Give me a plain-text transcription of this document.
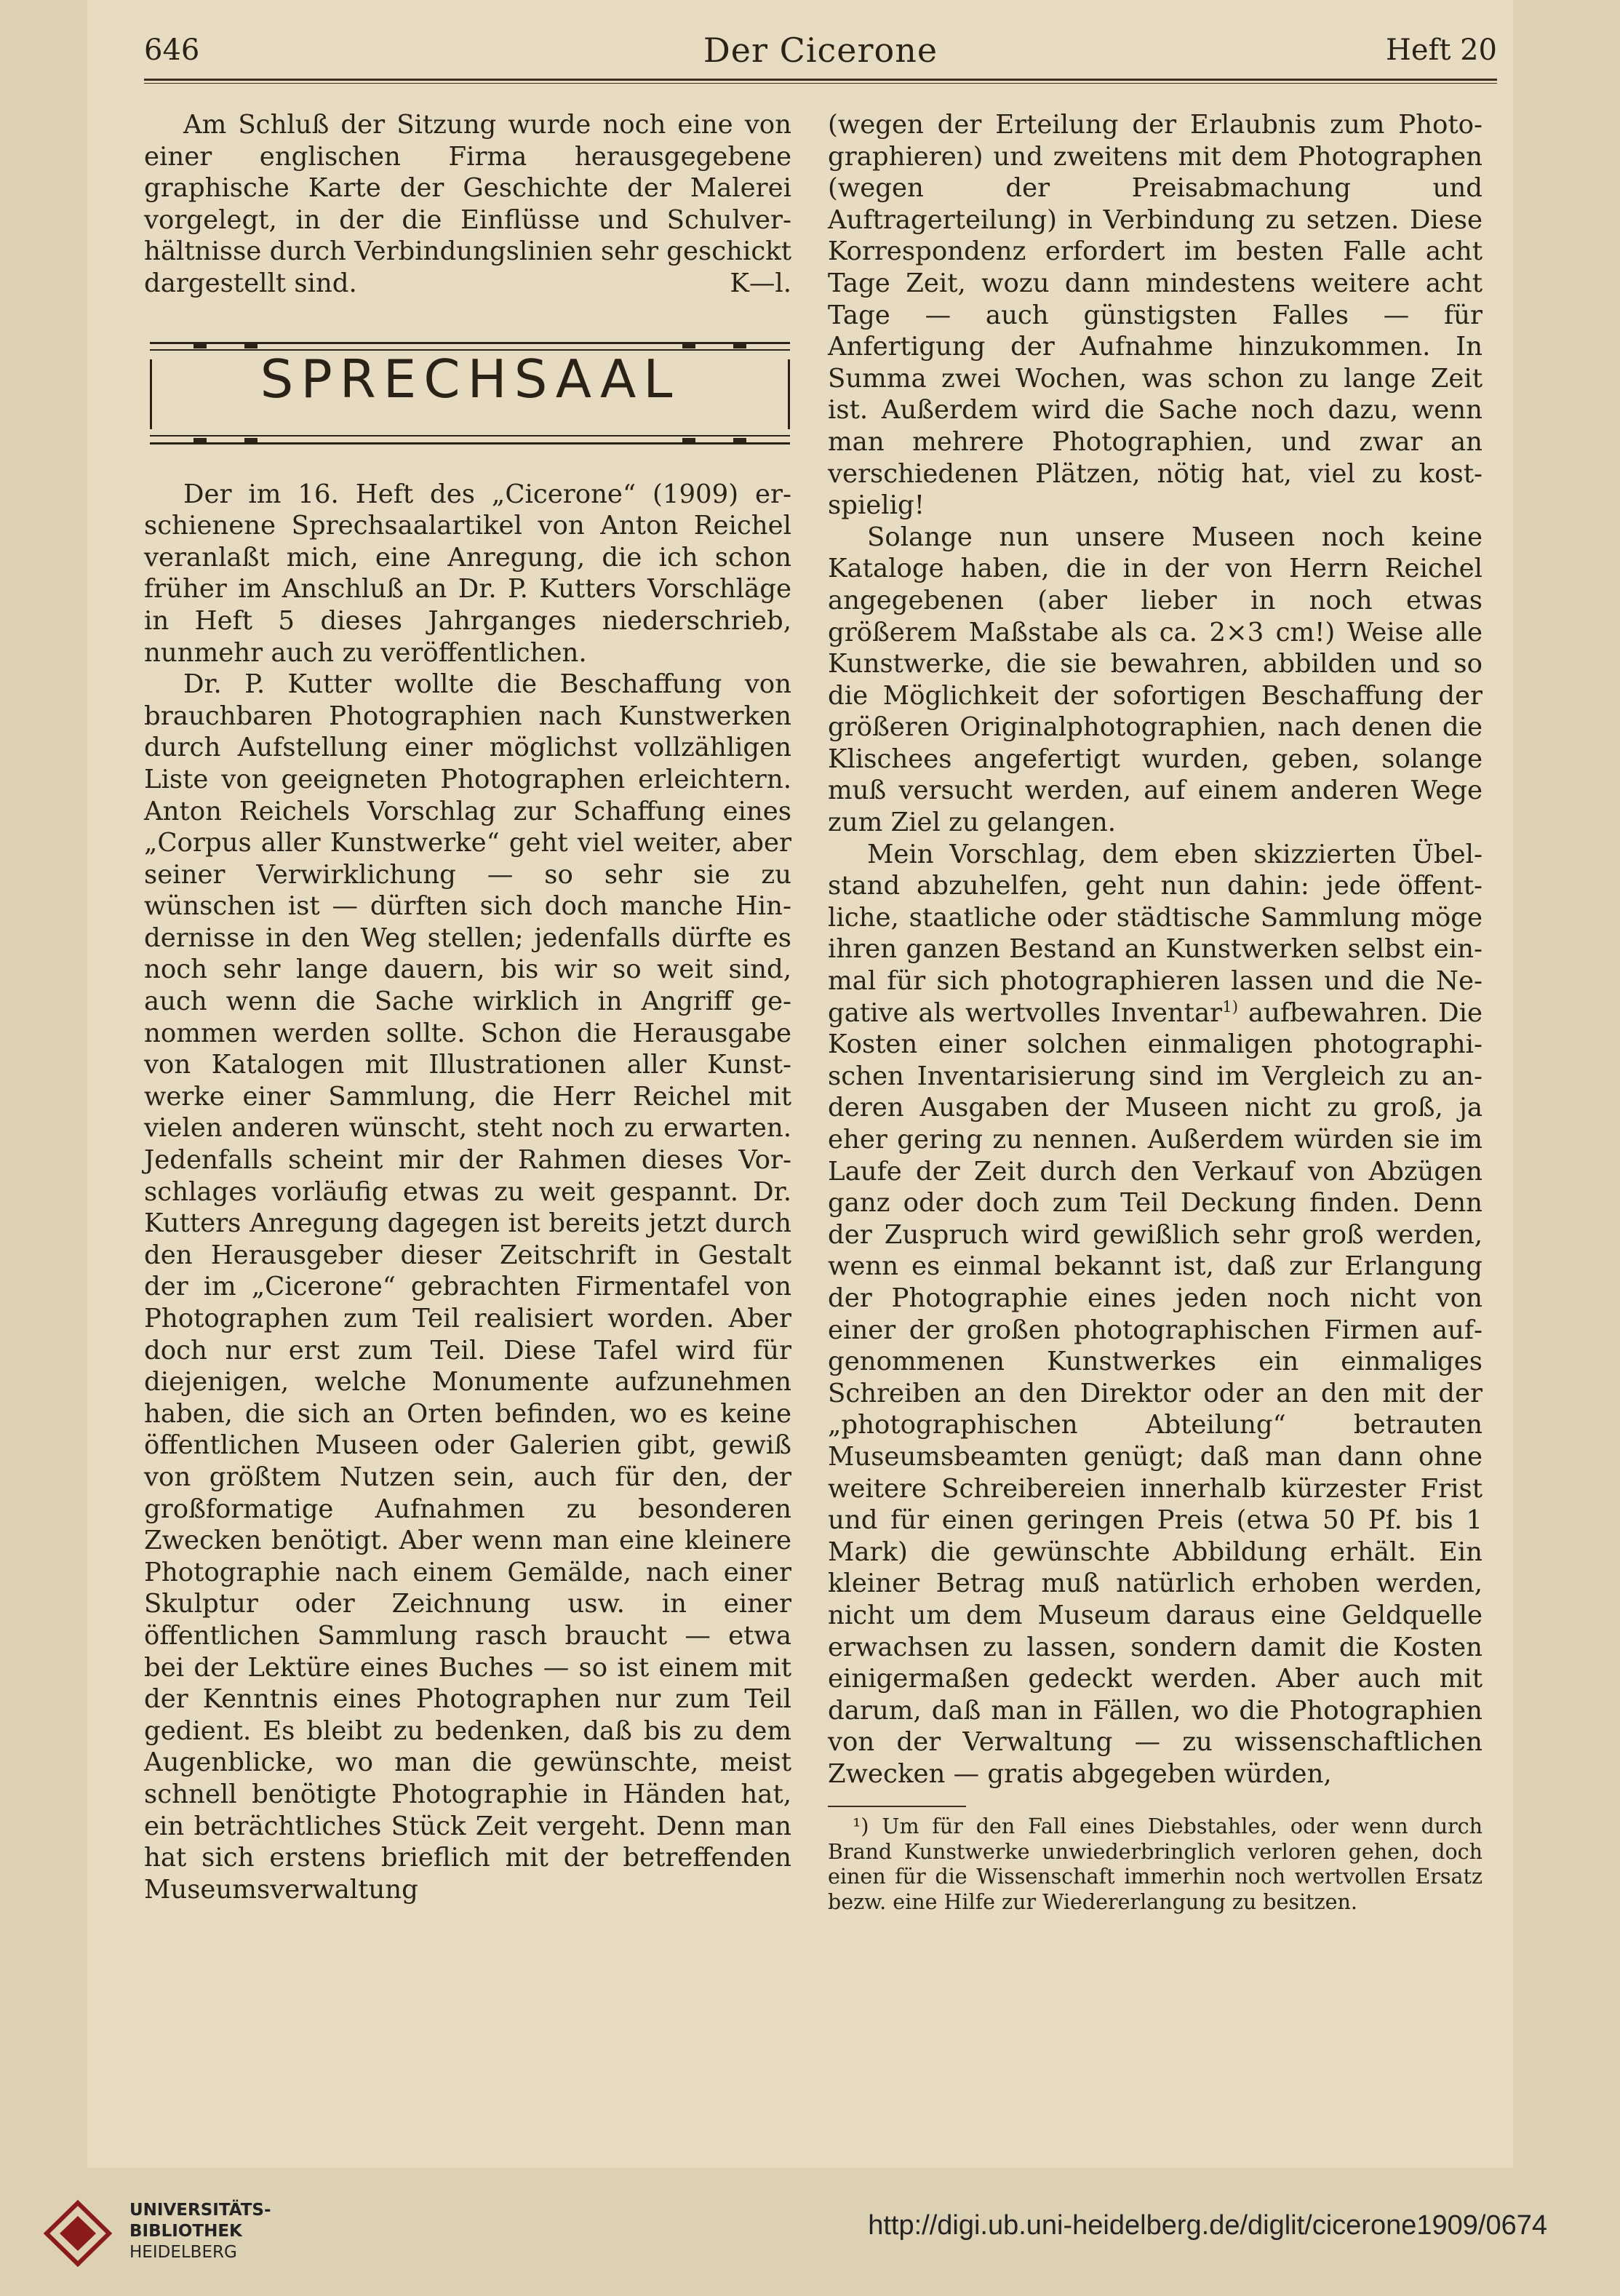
646	Der Cicerone	Heft 20

Am Schluß der Sitzung wurde noch eine von einer englischen Firma herausgegebene graphische Karte der Geschichte der Malerei vorgelegt, in der die Einflüsse und Schulverhältnisse durch Verbindungslinien sehr geschickt dargestellt sind.	K—l.

SPRECHSAAL

Der im 16. Heft des „Cicerone“ (1909) erschienene Sprechsaalartikel von Anton Reichel veranlaßt mich, eine Anregung, die ich schon früher im Anschluß an Dr. P. Kutters Vorschläge in Heft 5 dieses Jahrganges niederschrieb, nunmehr auch zu veröffentlichen.

Dr. P. Kutter wollte die Beschaffung von brauchbaren Photographien nach Kunstwerken durch Aufstellung einer möglichst vollzähligen Liste von geeigneten Photographen erleichtern. Anton Reichels Vorschlag zur Schaffung eines „Corpus aller Kunstwerke“ geht viel weiter, aber seiner Verwirklichung — so sehr sie zu wünschen ist — dürften sich doch manche Hindernisse in den Weg stellen; jedenfalls dürfte es noch sehr lange dauern, bis wir so weit sind, auch wenn die Sache wirklich in Angriff genommen werden sollte. Schon die Herausgabe von Katalogen mit Illustrationen aller Kunstwerke einer Sammlung, die Herr Reichel mit vielen anderen wünscht, steht noch zu erwarten. Jedenfalls scheint mir der Rahmen dieses Vorschlages vorläufig etwas zu weit gespannt. Dr. Kutters Anregung dagegen ist bereits jetzt durch den Herausgeber dieser Zeitschrift in Gestalt der im „Cicerone“ gebrachten Firmentafel von Photographen zum Teil realisiert worden. Aber doch nur erst zum Teil. Diese Tafel wird für diejenigen, welche Monumente aufzunehmen haben, die sich an Orten befinden, wo es keine öffentlichen Museen oder Galerien gibt, gewiß von größtem Nutzen sein, auch für den, der großformatige Aufnahmen zu besonderen Zwecken benötigt. Aber wenn man eine kleinere Photographie nach einem Gemälde, nach einer Skulptur oder Zeichnung usw. in einer öffentlichen Sammlung rasch braucht — etwa bei der Lektüre eines Buches — so ist einem mit der Kenntnis eines Photographen nur zum Teil gedient. Es bleibt zu bedenken, daß bis zu dem Augenblicke, wo man die gewünschte, meist schnell benötigte Photographie in Händen hat, ein beträchtliches Stück Zeit vergeht. Denn man hat sich erstens brieflich mit der betreffenden Museumsverwaltung

(wegen der Erteilung der Erlaubnis zum Photographieren) und zweitens mit dem Photographen (wegen der Preisabmachung und Auftragerteilung) in Verbindung zu setzen. Diese Korrespondenz erfordert im besten Falle acht Tage Zeit, wozu dann mindestens weitere acht Tage — auch günstigsten Falles — für Anfertigung der Aufnahme hinzukommen. In Summa zwei Wochen, was schon zu lange Zeit ist. Außerdem wird die Sache noch dazu, wenn man mehrere Photographien, und zwar an verschiedenen Plätzen, nötig hat, viel zu kostspielig!

Solange nun unsere Museen noch keine Kataloge haben, die in der von Herrn Reichel angegebenen (aber lieber in noch etwas größerem Maßstabe als ca. 2×3 cm!) Weise alle Kunstwerke, die sie bewahren, abbilden und so die Möglichkeit der sofortigen Beschaffung der größeren Originalphotographien, nach denen die Klischees angefertigt wurden, geben, solange muß versucht werden, auf einem anderen Wege zum Ziel zu gelangen.

Mein Vorschlag, dem eben skizzierten Übelstand abzuhelfen, geht nun dahin: jede öffentliche, staatliche oder städtische Sammlung möge ihren ganzen Bestand an Kunstwerken selbst einmal für sich photographieren lassen und die Negative als wertvolles Inventar$^{1)}$ aufbewahren. Die Kosten einer solchen einmaligen photographischen Inventarisierung sind im Vergleich zu anderen Ausgaben der Museen nicht zu groß, ja eher gering zu nennen. Außerdem würden sie im Laufe der Zeit durch den Verkauf von Abzügen ganz oder doch zum Teil Deckung finden. Denn der Zuspruch wird gewißlich sehr groß werden, wenn es einmal bekannt ist, daß zur Erlangung der Photographie eines jeden noch nicht von einer der großen photographischen Firmen aufgenommenen Kunstwerkes ein einmaliges Schreiben an den Direktor oder an den mit der „photographischen Abteilung“ betrauten Museumsbeamten genügt; daß man dann ohne weitere Schreibereien innerhalb kürzester Frist und für einen geringen Preis (etwa 50 Pf. bis 1 Mark) die gewünschte Abbildung erhält. Ein kleiner Betrag muß natürlich erhoben werden, nicht um dem Museum daraus eine Geldquelle erwachsen zu lassen, sondern damit die Kosten einigermaßen gedeckt werden. Aber auch mit darum, daß man in Fällen, wo die Photographien von der Verwaltung — zu wissenschaftlichen Zwecken — gratis abgegeben würden,

¹) Um für den Fall eines Diebstahles, oder wenn durch Brand Kunstwerke unwiederbringlich verloren gehen, doch einen für die Wissenschaft immerhin noch wertvollen Ersatz bezw. eine Hilfe zur Wiedererlangung zu besitzen.

UNIVERSITÄTS-
BIBLIOTHEK
HEIDELBERG
http://digi.ub.uni-heidelberg.de/diglit/cicerone1909/0674
